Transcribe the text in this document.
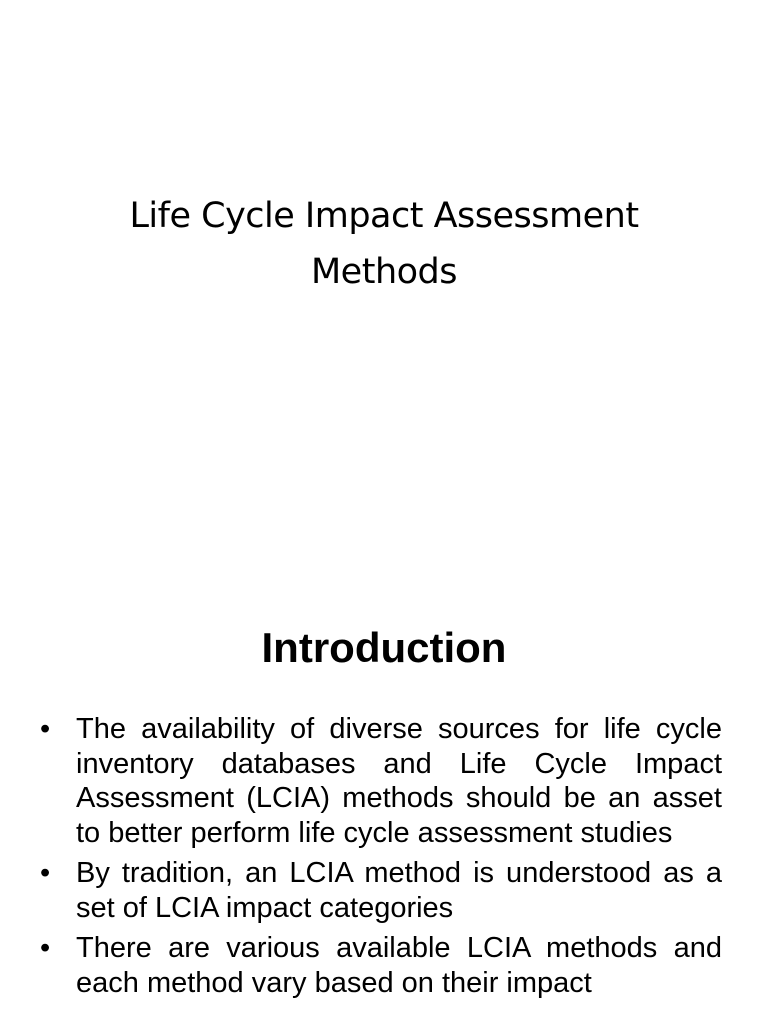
Life Cycle Impact Assessment
Methods
Introduction
• The availability of diverse sources for life cycle inventory databases and Life Cycle Impact Assessment (LCIA) methods should be an asset to better perform life cycle assessment studies
• By tradition, an LCIA method is understood as a set of LCIA impact categories
• There are various available LCIA methods and each method vary based on their impact
